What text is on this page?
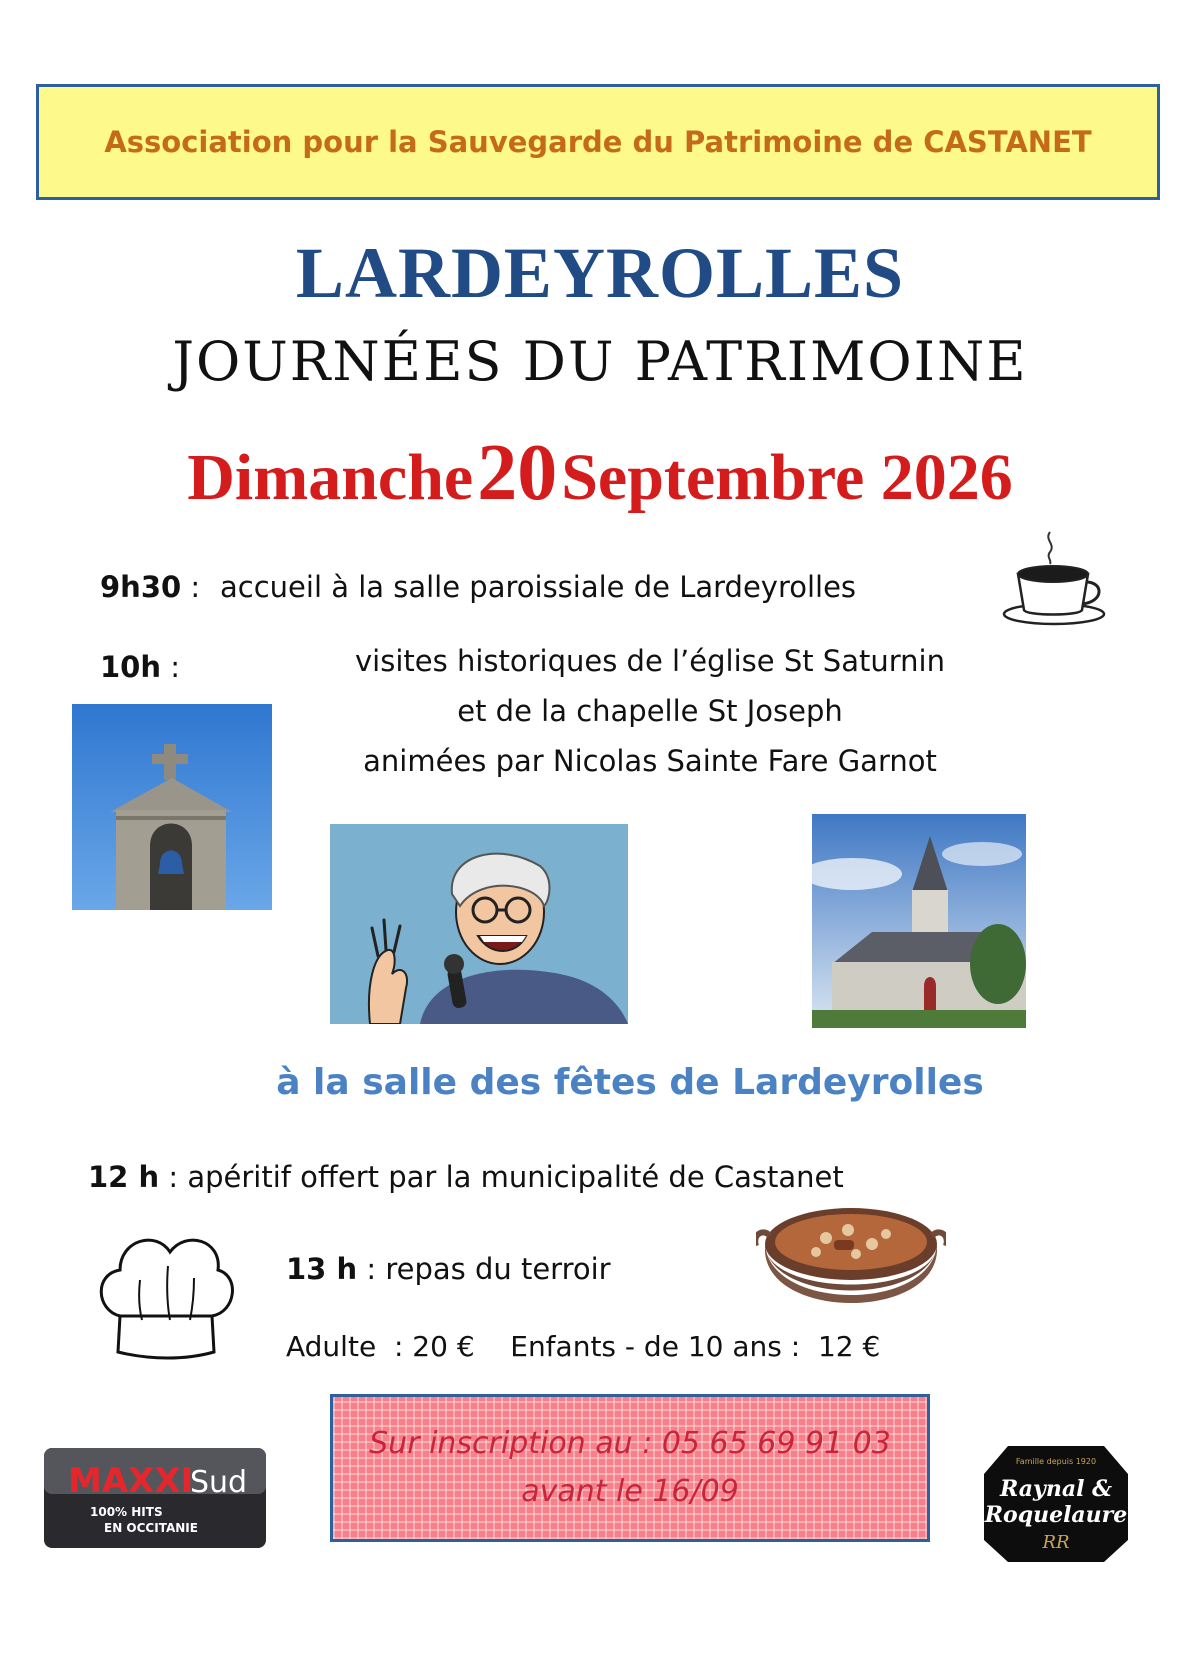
Association pour la Sauvegarde du Patrimoine de CASTANET
LARDEYROLLES
JOURNÉES DU PATRIMOINE
Dimanche 20 Septembre 2026
9h30 : accueil à la salle paroissiale de Lardeyrolles
10h :	visites historiques de l’église St Saturnin
et de la chapelle St Joseph
animées par Nicolas Sainte Fare Garnot
à la salle des fêtes de Lardeyrolles
12 h : apéritif offert par la municipalité de Castanet
13 h : repas du terroir
Adulte  : 20 €    Enfants - de 10 ans :  12 €
MAXXI
Sud
100% HITS
EN OCCITANIE
Sur inscription au : 05 65 69 91 03
avant le 16/09
Famille depuis 1920
Raynal &
Roquelaure
RR
